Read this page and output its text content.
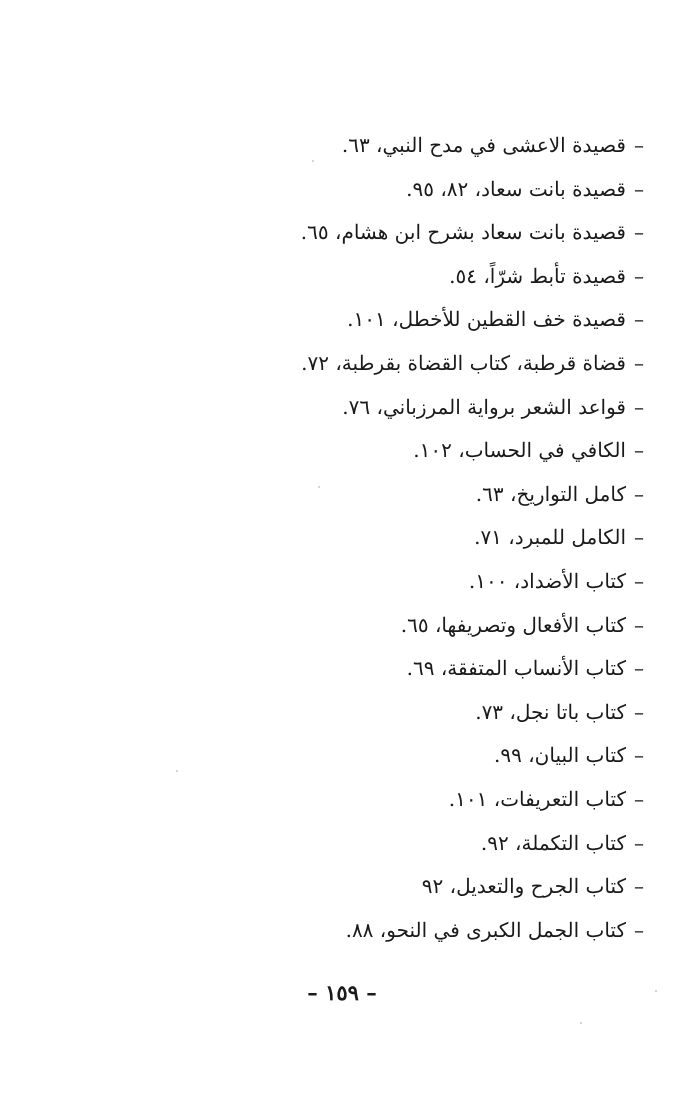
–قصيدة الاعشى في مدح النبي، ٦٣.
–قصيدة بانت سعاد، ٨٢، ٩٥.
–قصيدة بانت سعاد بشرح ابن هشام، ٦٥.
–قصيدة تأبط شرّاً، ٥٤.
–قصيدة خف القطين للأخطل، ١٠١.
–قضاة قرطبة، كتاب القضاة بقرطبة، ٧٢.
–قواعد الشعر برواية المرزباني، ٧٦.
–الكافي في الحساب، ١٠٢.
–كامل التواريخ، ٦٣.
–الكامل للمبرد، ٧١.
–كتاب الأضداد، ١٠٠.
–كتاب الأفعال وتصريفها، ٦٥.
–كتاب الأنساب المتفقة، ٦٩.
–كتاب باتا نجل، ٧٣.
–كتاب البيان، ٩٩.
–كتاب التعريفات، ١٠١.
–كتاب التكملة، ٩٢.
–كتاب الجرح والتعديل، ٩٢
–كتاب الجمل الكبرى في النحو، ٨٨.
– ١٥٩ –
